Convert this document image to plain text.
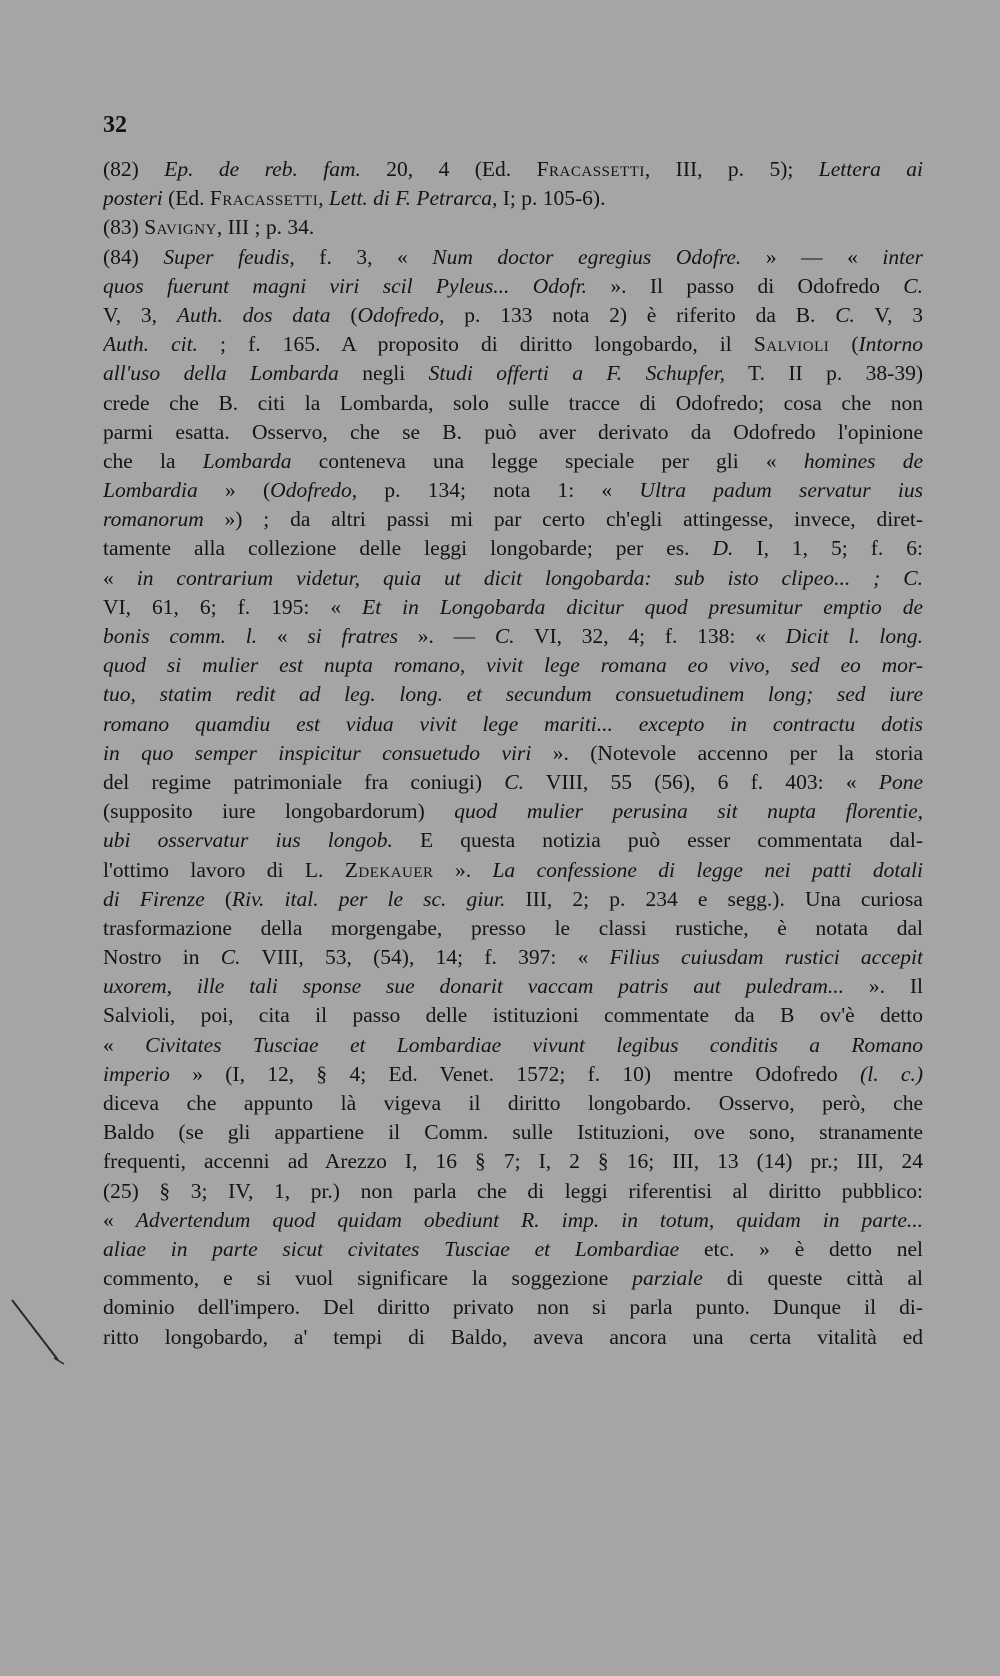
32
(82) Ep. de reb. fam. 20, 4 (Ed. Fracassetti, III, p. 5); Lettera ai
posteri (Ed. Fracassetti, Lett. di F. Petrarca, I; p. 105-6).
(83) Savigny, III ; p. 34.
(84) Super feudis, f. 3, « Num doctor egregius Odofre. » — « inter
quos fuerunt magni viri scil Pyleus... Odofr. ». Il passo di Odofredo C.
V, 3, Auth. dos data (Odofredo, p. 133 nota 2) è riferito da B. C. V, 3
Auth. cit. ; f. 165. A proposito di diritto longobardo, il Salvioli (Intorno
all'uso della Lombarda negli Studi offerti a F. Schupfer, T. II p. 38-39)
crede che B. citi la Lombarda, solo sulle tracce di Odofredo; cosa che non
parmi esatta. Osservo, che se B. può aver derivato da Odofredo l'opinione
che la Lombarda conteneva una legge speciale per gli « homines de
Lombardia » (Odofredo, p. 134; nota 1: « Ultra padum servatur ius
romanorum ») ; da altri passi mi par certo ch'egli attingesse, invece, diret-
tamente alla collezione delle leggi longobarde; per es. D. I, 1, 5; f. 6:
« in contrarium videtur, quia ut dicit longobarda: sub isto clipeo... ; C.
VI, 61, 6; f. 195: « Et in Longobarda dicitur quod presumitur emptio de
bonis comm. l. « si fratres ». — C. VI, 32, 4; f. 138: « Dicit l. long.
quod si mulier est nupta romano, vivit lege romana eo vivo, sed eo mor-
tuo, statim redit ad leg. long. et secundum consuetudinem long; sed iure
romano quamdiu est vidua vivit lege mariti... excepto in contractu dotis
in quo semper inspicitur consuetudo viri ». (Notevole accenno per la storia
del regime patrimoniale fra coniugi) C. VIII, 55 (56), 6 f. 403: « Pone
(supposito iure longobardorum) quod mulier perusina sit nupta florentie,
ubi osservatur ius longob. E questa notizia può esser commentata dal-
l'ottimo lavoro di L. Zdekauer ». La confessione di legge nei patti dotali
di Firenze (Riv. ital. per le sc. giur. III, 2; p. 234 e segg.). Una curiosa
trasformazione della morgengabe, presso le classi rustiche, è notata dal
Nostro in C. VIII, 53, (54), 14; f. 397: « Filius cuiusdam rustici accepit
uxorem, ille tali sponse sue donarit vaccam patris aut puledram... ». Il
Salvioli, poi, cita il passo delle istituzioni commentate da B ov'è detto
« Civitates Tusciae et Lombardiae vivunt legibus conditis a Romano
imperio » (I, 12, § 4; Ed. Venet. 1572; f. 10) mentre Odofredo (l. c.)
diceva che appunto là vigeva il diritto longobardo. Osservo, però, che
Baldo (se gli appartiene il Comm. sulle Istituzioni, ove sono, stranamente
frequenti, accenni ad Arezzo I, 16 § 7; I, 2 § 16; III, 13 (14) pr.; III, 24
(25) § 3; IV, 1, pr.) non parla che di leggi riferentisi al diritto pubblico:
« Advertendum quod quidam obediunt R. imp. in totum, quidam in parte...
aliae in parte sicut civitates Tusciae et Lombardiae etc. » è detto nel
commento, e si vuol significare la soggezione parziale di queste città al
dominio dell'impero. Del diritto privato non si parla punto. Dunque il di-
ritto longobardo, a' tempi di Baldo, aveva ancora una certa vitalità ed
